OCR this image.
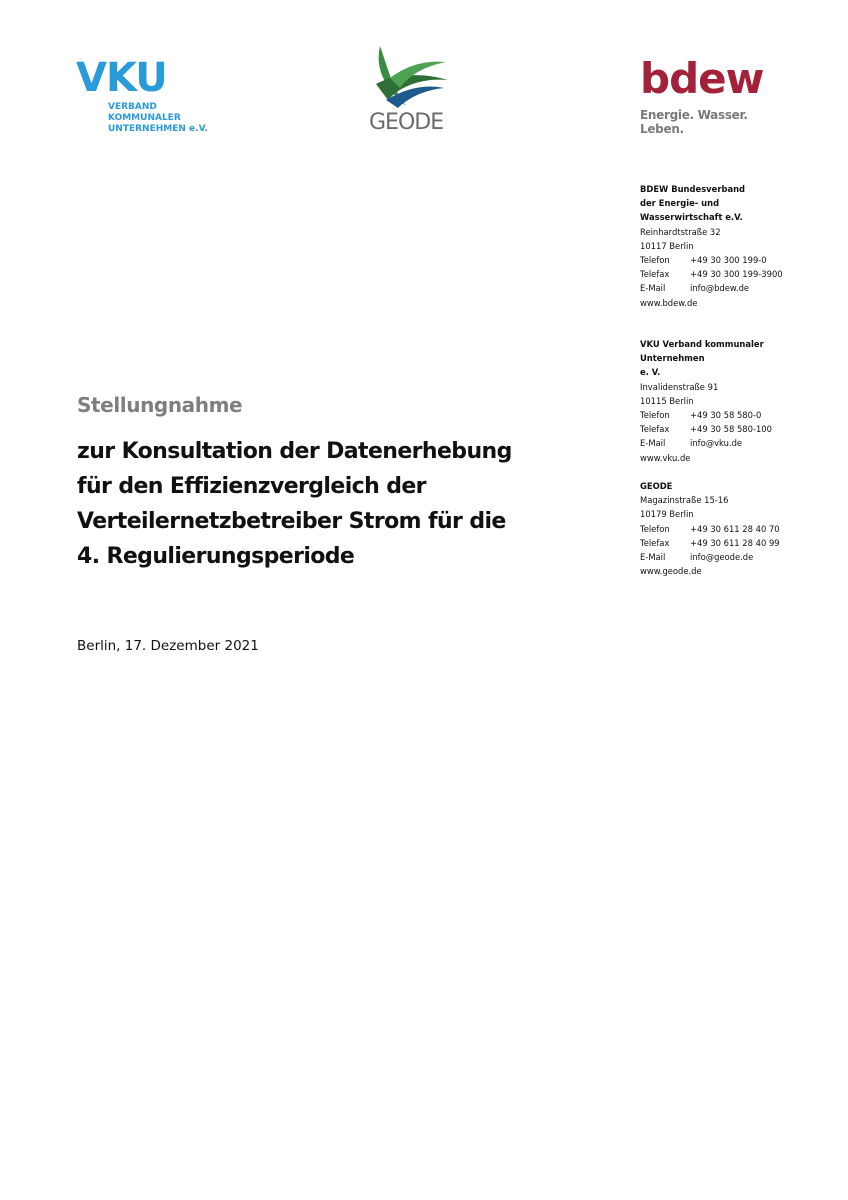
VKU
VERBAND KOMMUNALER
UNTERNEHMEN e.V.	GEODE
bdew
Energie. Wasser. Leben.
BDEW Bundesverband
der Energie- und
Wasserwirtschaft e.V.
Reinhardtstraße 32
10117 Berlin
Telefon	+49 30 300 199-0
Telefax	+49 30 300 199-3900
E-Mail	info@bdew.de
www.bdew.de
VKU Verband kommunaler Unternehmen
e. V.
Invalidenstraße 91
10115 Berlin
Telefon	+49 30 58 580-0
Telefax	+49 30 58 580-100
E-Mail	info@vku.de
www.vku.de
GEODE
Magazinstraße 15-16
10179 Berlin
Telefon	+49 30 611 28 40 70
Telefax	+49 30 611 28 40 99
E-Mail	info@geode.de
www.geode.de
Stellungnahme
zur Konsultation der Datenerhebung
für den Effizienzvergleich der
Verteilernetzbetreiber Strom für die
4. Regulierungsperiode
Berlin, 17. Dezember 2021
